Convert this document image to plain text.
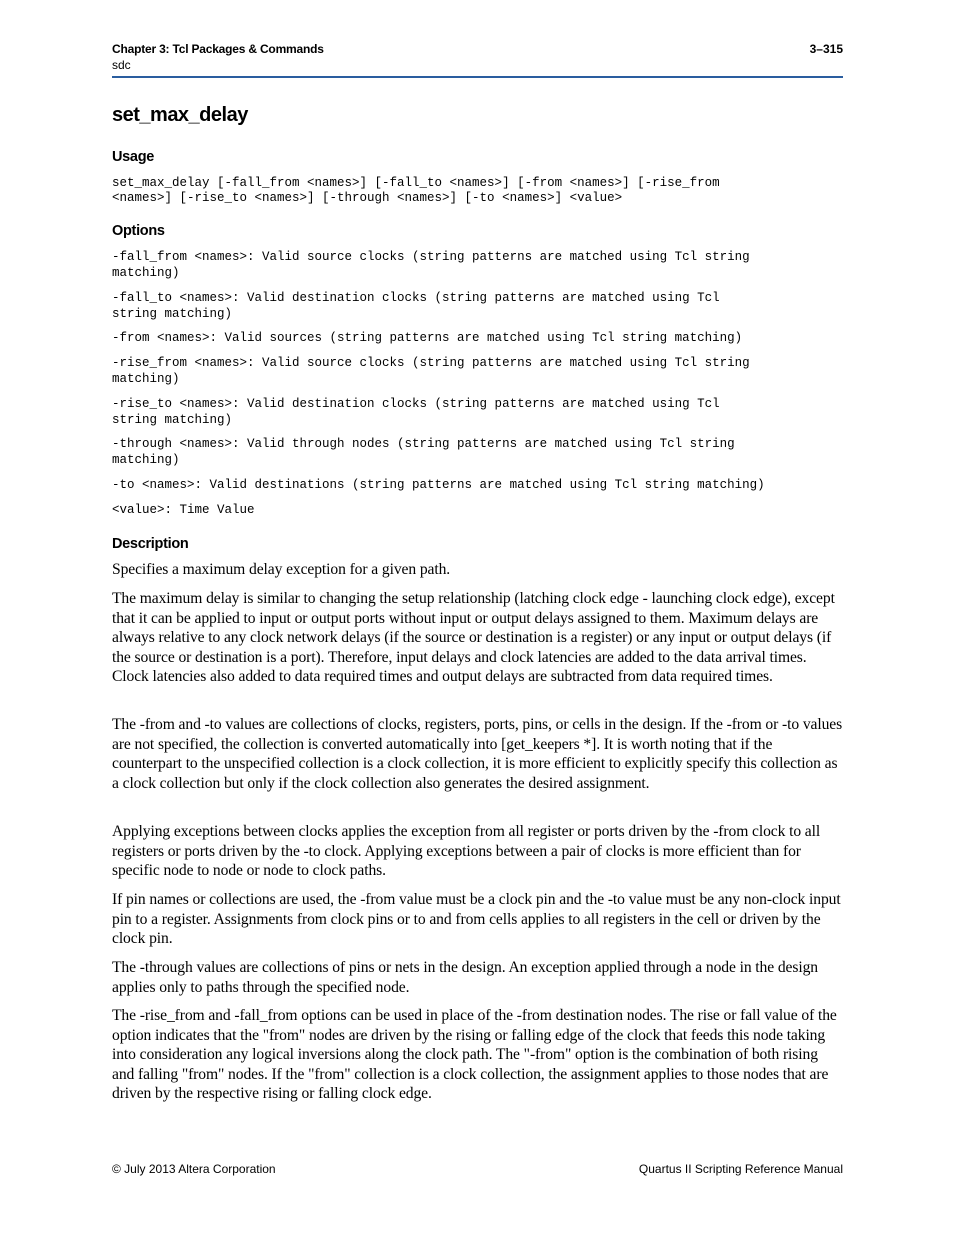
Chapter 3: Tcl Packages & Commands
sdc
3–315
set_max_delay
Usage
set_max_delay [-fall_from <names>] [-fall_to <names>] [-from <names>] [-rise_from
<names>] [-rise_to <names>] [-through <names>] [-to <names>] <value>
Options
-fall_from <names>: Valid source clocks (string patterns are matched using Tcl string
matching)
-fall_to <names>: Valid destination clocks (string patterns are matched using Tcl
string matching)
-from <names>: Valid sources (string patterns are matched using Tcl string matching)
-rise_from <names>: Valid source clocks (string patterns are matched using Tcl string
matching)
-rise_to <names>: Valid destination clocks (string patterns are matched using Tcl
string matching)
-through <names>: Valid through nodes (string patterns are matched using Tcl string
matching)
-to <names>: Valid destinations (string patterns are matched using Tcl string matching)
<value>: Time Value
Description

Specifies a maximum delay exception for a given path.

The maximum delay is similar to changing the setup relationship (latching clock edge - launching clock edge), except that it can be applied to input or output ports without input or output delays assigned to them. Maximum delays are always relative to any clock network delays (if the source or destination is a register) or any input or output delays (if the source or destination is a port). Therefore, input delays and clock latencies are added to the data arrival times. Clock latencies also added to data required times and output delays are subtracted from data required times.

The -from and -to values are collections of clocks, registers, ports, pins, or cells in the design. If the -from or -to values are not specified, the collection is converted automatically into [get_keepers *]. It is worth noting that if the counterpart to the unspecified collection is a clock collection, it is more efficient to explicitly specify this collection as a clock collection but only if the clock collection also generates the desired assignment.

Applying exceptions between clocks applies the exception from all register or ports driven by the -from clock to all registers or ports driven by the -to clock. Applying exceptions between a pair of clocks is more efficient than for specific node to node or node to clock paths.

If pin names or collections are used, the -from value must be a clock pin and the -to value must be any non-clock input pin to a register. Assignments from clock pins or to and from cells applies to all registers in the cell or driven by the clock pin.

The -through values are collections of pins or nets in the design. An exception applied through a node in the design applies only to paths through the specified node.

The -rise_from and -fall_from options can be used in place of the -from destination nodes. The rise or fall value of the option indicates that the "from" nodes are driven by the rising or falling edge of the clock that feeds this node taking into consideration any logical inversions along the clock path. The "-from" option is the combination of both rising and falling "from" nodes. If the "from" collection is a clock collection, the assignment applies to those nodes that are driven by the respective rising or falling clock edge.

© July 2013 Altera Corporation	Quartus II Scripting Reference Manual
